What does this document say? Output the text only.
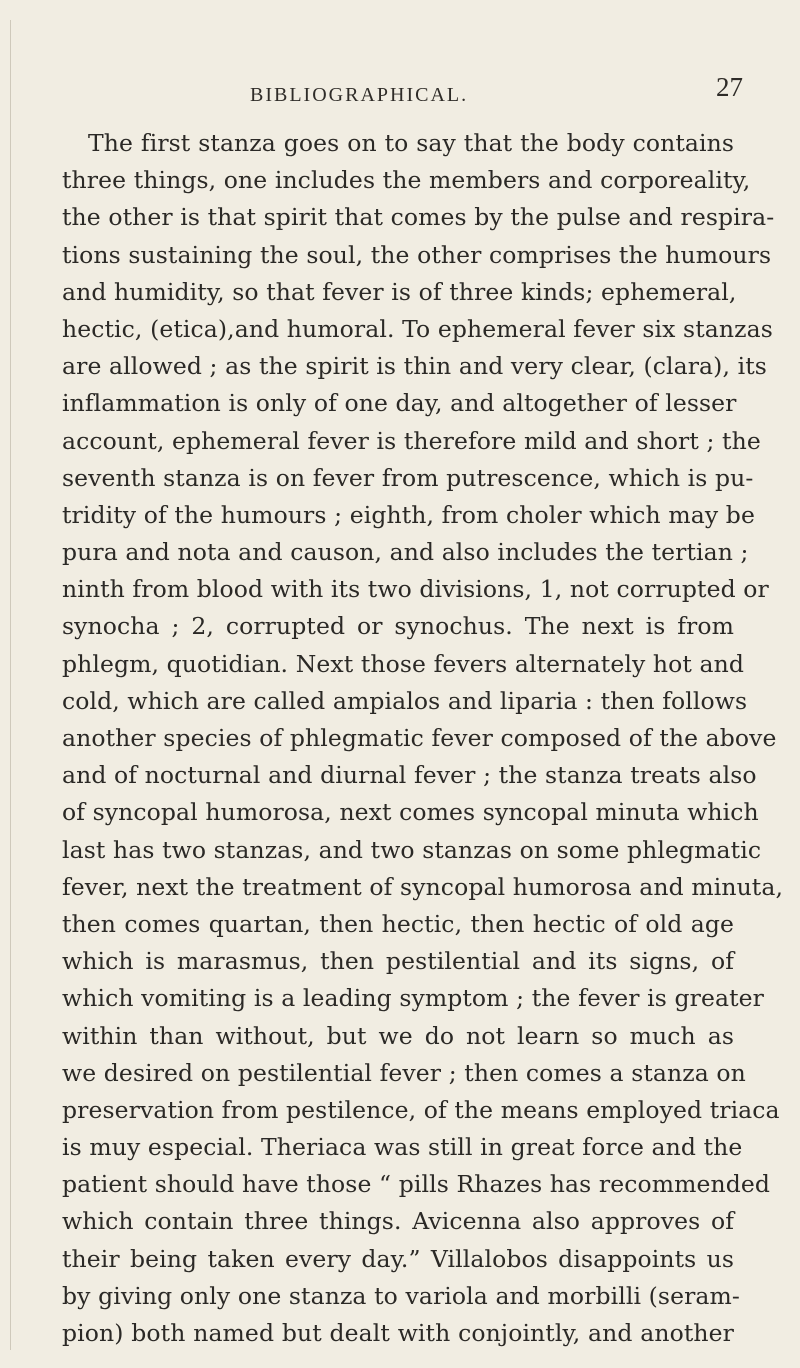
BIBLIOGRAPHICAL.	27
The first stanza goes on to say that the body contains
three things, one includes the members and corporeality,
the other is that spirit that comes by the pulse and respira-
tions sustaining the soul, the other comprises the humours
and humidity, so that fever is of three kinds; ephemeral,
hectic, (etica),and humoral. To ephemeral fever six stanzas
are allowed ; as the spirit is thin and very clear, (clara), its
inflammation is only of one day, and altogether of lesser
account, ephemeral fever is therefore mild and short ; the
seventh stanza is on fever from putrescence, which is pu-
tridity of the humours ; eighth, from choler which may be
pura and nota and causon, and also includes the tertian ;
ninth from blood with its two divisions, 1, not corrupted or
synocha ; 2, corrupted or synochus. The next is from
phlegm, quotidian. Next those fevers alternately hot and
cold, which are called ampialos and liparia : then follows
another species of phlegmatic fever composed of the above
and of nocturnal and diurnal fever ; the stanza treats also
of syncopal humorosa, next comes syncopal minuta which
last has two stanzas, and two stanzas on some phlegmatic
fever, next the treatment of syncopal humorosa and minuta,
then comes quartan, then hectic, then hectic of old age
which is marasmus, then pestilential and its signs, of
which vomiting is a leading symptom ; the fever is greater
within than without, but we do not learn so much as
we desired on pestilential fever ; then comes a stanza on
preservation from pestilence, of the means employed triaca
is muy especial. Theriaca was still in great force and the
patient should have those “ pills Rhazes has recommended
which contain three things. Avicenna also approves of
their being taken every day.” Villalobos disappoints us
by giving only one stanza to variola and morbilli (seram-
pion) both named but dealt with conjointly, and another
